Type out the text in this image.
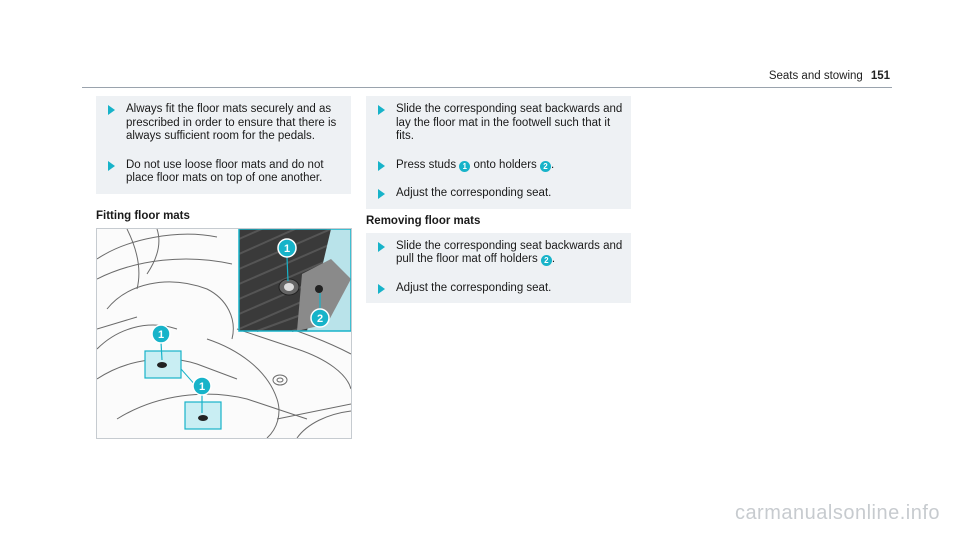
Seats and stowing 151
Always fit the floor mats securely and as prescribed in order to ensure that there is always sufficient room for the pedals.
Do not use loose floor mats and do not place floor mats on top of one another.
Fitting floor mats
1
2
1
1
Slide the corresponding seat backwards and lay the floor mat in the footwell such that it fits.
Press studs 1 onto holders 2 .
Adjust the corresponding seat.
Removing floor mats
Slide the corresponding seat backwards and pull the floor mat off holders 2 .
Adjust the corresponding seat.
carmanualsonline.info
